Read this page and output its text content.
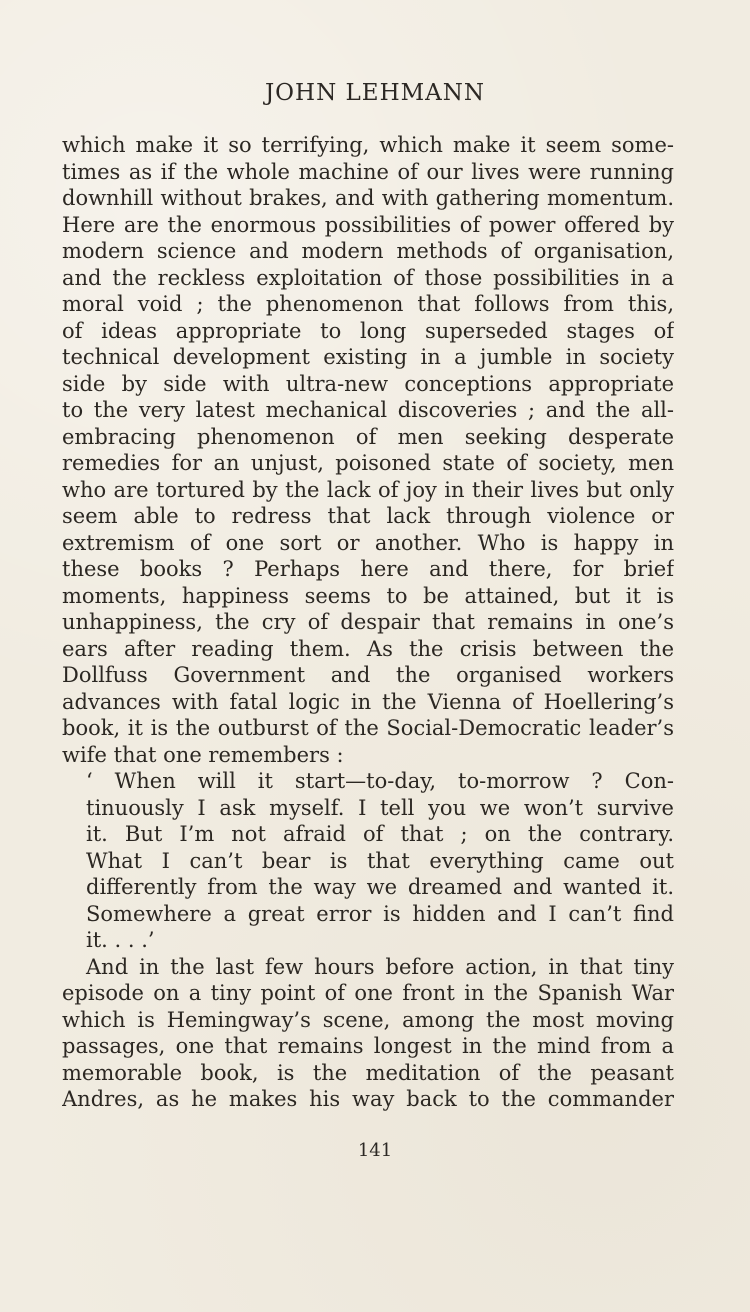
JOHN LEHMANN
which make it so terrifying, which make it seem some-
times as if the whole machine of our lives were running
downhill without brakes, and with gathering momentum.
Here are the enormous possibilities of power offered by
modern science and modern methods of organisation,
and the reckless exploitation of those possibilities in a
moral void ; the phenomenon that follows from this,
of ideas appropriate to long superseded stages of
technical development existing in a jumble in society
side by side with ultra-new conceptions appropriate
to the very latest mechanical discoveries ; and the all-
embracing phenomenon of men seeking desperate
remedies for an unjust, poisoned state of society, men
who are tortured by the lack of joy in their lives but only
seem able to redress that lack through violence or
extremism of one sort or another. Who is happy in
these books ? Perhaps here and there, for brief
moments, happiness seems to be attained, but it is
unhappiness, the cry of despair that remains in one’s
ears after reading them. As the crisis between the
Dollfuss Government and the organised workers
advances with fatal logic in the Vienna of Hoellering’s
book, it is the outburst of the Social-Democratic leader’s
wife that one remembers :
‘ When will it start—to-day, to-morrow ? Con-
tinuously I ask myself. I tell you we won’t survive
it. But I’m not afraid of that ; on the contrary.
What I can’t bear is that everything came out
differently from the way we dreamed and wanted it.
Somewhere a great error is hidden and I can’t find
it. . . .’
And in the last few hours before action, in that tiny
episode on a tiny point of one front in the Spanish War
which is Hemingway’s scene, among the most moving
passages, one that remains longest in the mind from a
memorable book, is the meditation of the peasant
Andres, as he makes his way back to the commander
141
